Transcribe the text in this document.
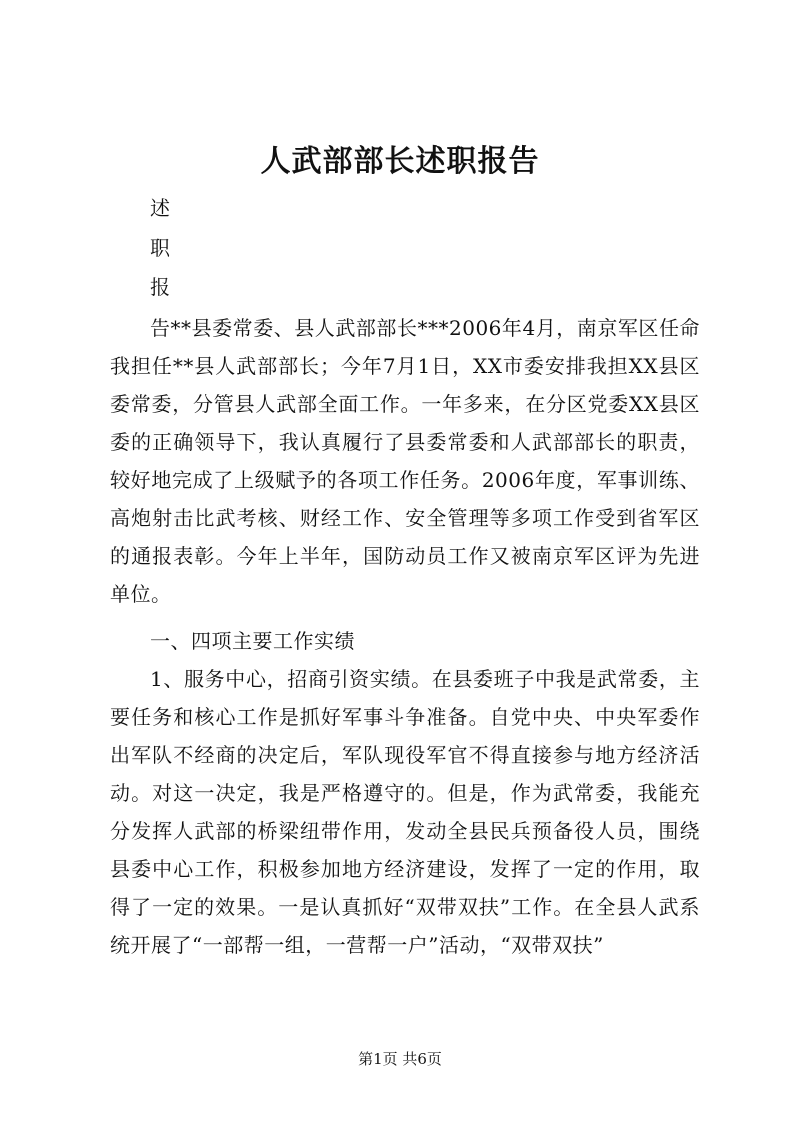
人武部部长述职报告
述
职
报
告**县委常委、县人武部部长***2006年4月，南京军区任命我担任**县人武部部长；今年7月1日，XX市委安排我担XX县区委常委，分管县人武部全面工作。一年多来，在分区党委XX县区委的正确领导下，我认真履行了县委常委和人武部部长的职责，较好地完成了上级赋予的各项工作任务。2006年度，军事训练、高炮射击比武考核、财经工作、安全管理等多项工作受到省军区的通报表彰。今年上半年，国防动员工作又被南京军区评为先进单位。
一、四项主要工作实绩
1、服务中心，招商引资实绩。在县委班子中我是武常委，主要任务和核心工作是抓好军事斗争准备。自党中央、中央军委作出军队不经商的决定后，军队现役军官不得直接参与地方经济活动。对这一决定，我是严格遵守的。但是，作为武常委，我能充分发挥人武部的桥梁纽带作用，发动全县民兵预备役人员，围绕县委中心工作，积极参加地方经济建设，发挥了一定的作用，取得了一定的效果。一是认真抓好“双带双扶”工作。在全县人武系统开展了“一部帮一组，一营帮一户”活动，“双带双扶”
第1页 共6页
